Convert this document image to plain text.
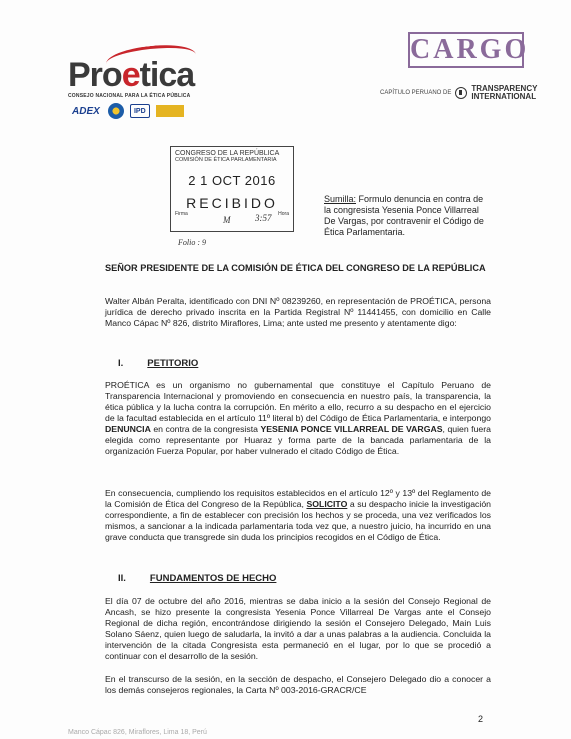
Proetica
CONSEJO NACIONAL PARA LA ÉTICA PÚBLICA
ADEX	IPD
CARGO
CAPÍTULO PERUANO DE	TRANSPARENCY
INTERNATIONAL
CONGRESO DE LA REPÚBLICA
COMISIÓN DE ÉTICA PARLAMENTARIA
2 1 OCT 2016
RECIBIDO
Firma	Hora
M	3:57
Folio : 9
Sumilla: Formulo denuncia en contra de la congresista Yesenia Ponce Villarreal De Vargas, por contravenir el Código de Ética Parlamentaria.
SEÑOR PRESIDENTE DE LA COMISIÓN DE ÉTICA DEL CONGRESO DE LA REPÚBLICA
Walter Albán Peralta, identificado con DNI Nº 08239260, en representación de PROÉTICA, persona jurídica de derecho privado inscrita en la Partida Registral Nº 11441455, con domicilio en Calle Manco Cápac Nº 826, distrito Miraflores, Lima; ante usted me presento y atentamente digo:
I.	PETITORIO
PROÉTICA es un organismo no gubernamental que constituye el Capítulo Peruano de Transparencia Internacional y promoviendo en consecuencia en nuestro país, la transparencia, la ética pública y la lucha contra la corrupción. En mérito a ello, recurro a su despacho en el ejercicio de la facultad establecida en el artículo 11º literal b) del Código de Ética Parlamentaria, e interpongo DENUNCIA en contra de la congresista YESENIA PONCE VILLARREAL DE VARGAS, quien fuera elegida como representante por Huaraz y forma parte de la bancada parlamentaria de la organización Fuerza Popular, por haber vulnerado el citado Código de Ética.
En consecuencia, cumpliendo los requisitos establecidos en el artículo 12º y 13º del Reglamento de la Comisión de Ética del Congreso de la República, SOLICITO a su despacho inicie la investigación correspondiente, a fin de establecer con precisión los hechos y se proceda, una vez verificados los mismos, a sancionar a la indicada parlamentaria toda vez que, a nuestro juicio, ha incurrido en una grave conducta que transgrede sin duda los principios recogidos en el Código de Ética.
II.	FUNDAMENTOS DE HECHO
El día 07 de octubre del año 2016, mientras se daba inicio a la sesión del Consejo Regional de Ancash, se hizo presente la congresista Yesenia Ponce Villarreal De Vargas ante el Consejo Regional de dicha región, encontrándose dirigiendo la sesión el Consejero Delegado, Main Luis Solano Sáenz, quien luego de saludarla, la invitó a dar a unas palabras a la audiencia. Concluida la intervención de la citada Congresista esta permaneció en el lugar, por lo que se procedió a continuar con el desarrollo de la sesión.
En el transcurso de la sesión, en la sección de despacho, el Consejero Delegado dio a conocer a los demás consejeros regionales, la Carta Nº 003-2016-GRACR/CE
2
Manco Cápac 826, Miraflores, Lima 18, Perú
